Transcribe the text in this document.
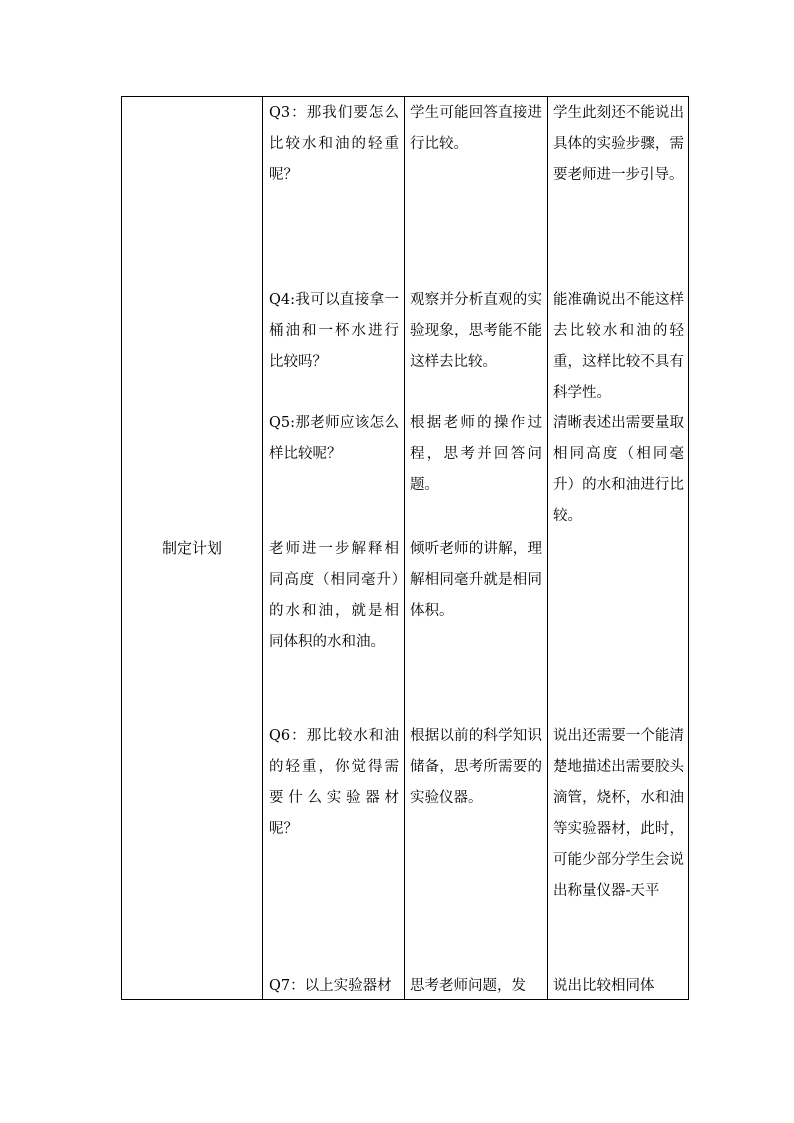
制定计划
Q3：那我们要怎么比较水和油的轻重呢？
Q4:我可以直接拿一桶油和一杯水进行比较吗？
Q5:那老师应该怎么样比较呢？
老师进一步解释相同高度（相同毫升）的水和油，就是相同体积的水和油。
Q6：那比较水和油的轻重，你觉得需要什么实验器材呢？
Q7：以上实验器材
学生可能回答直接进行比较。
观察并分析直观的实验现象，思考能不能这样去比较。
根据老师的操作过程，思考并回答问题。
倾听老师的讲解，理解相同毫升就是相同体积。
根据以前的科学知识储备，思考所需要的实验仪器。
思考老师问题，发
学生此刻还不能说出具体的实验步骤，需要老师进一步引导。
能准确说出不能这样去比较水和油的轻重，这样比较不具有科学性。
清晰表述出需要量取相同高度（相同毫升）的水和油进行比较。
说出还需要一个能清楚地描述出需要胶头滴管，烧杯，水和油等实验器材，此时，可能少部分学生会说出称量仪器-天平
说出比较相同体
